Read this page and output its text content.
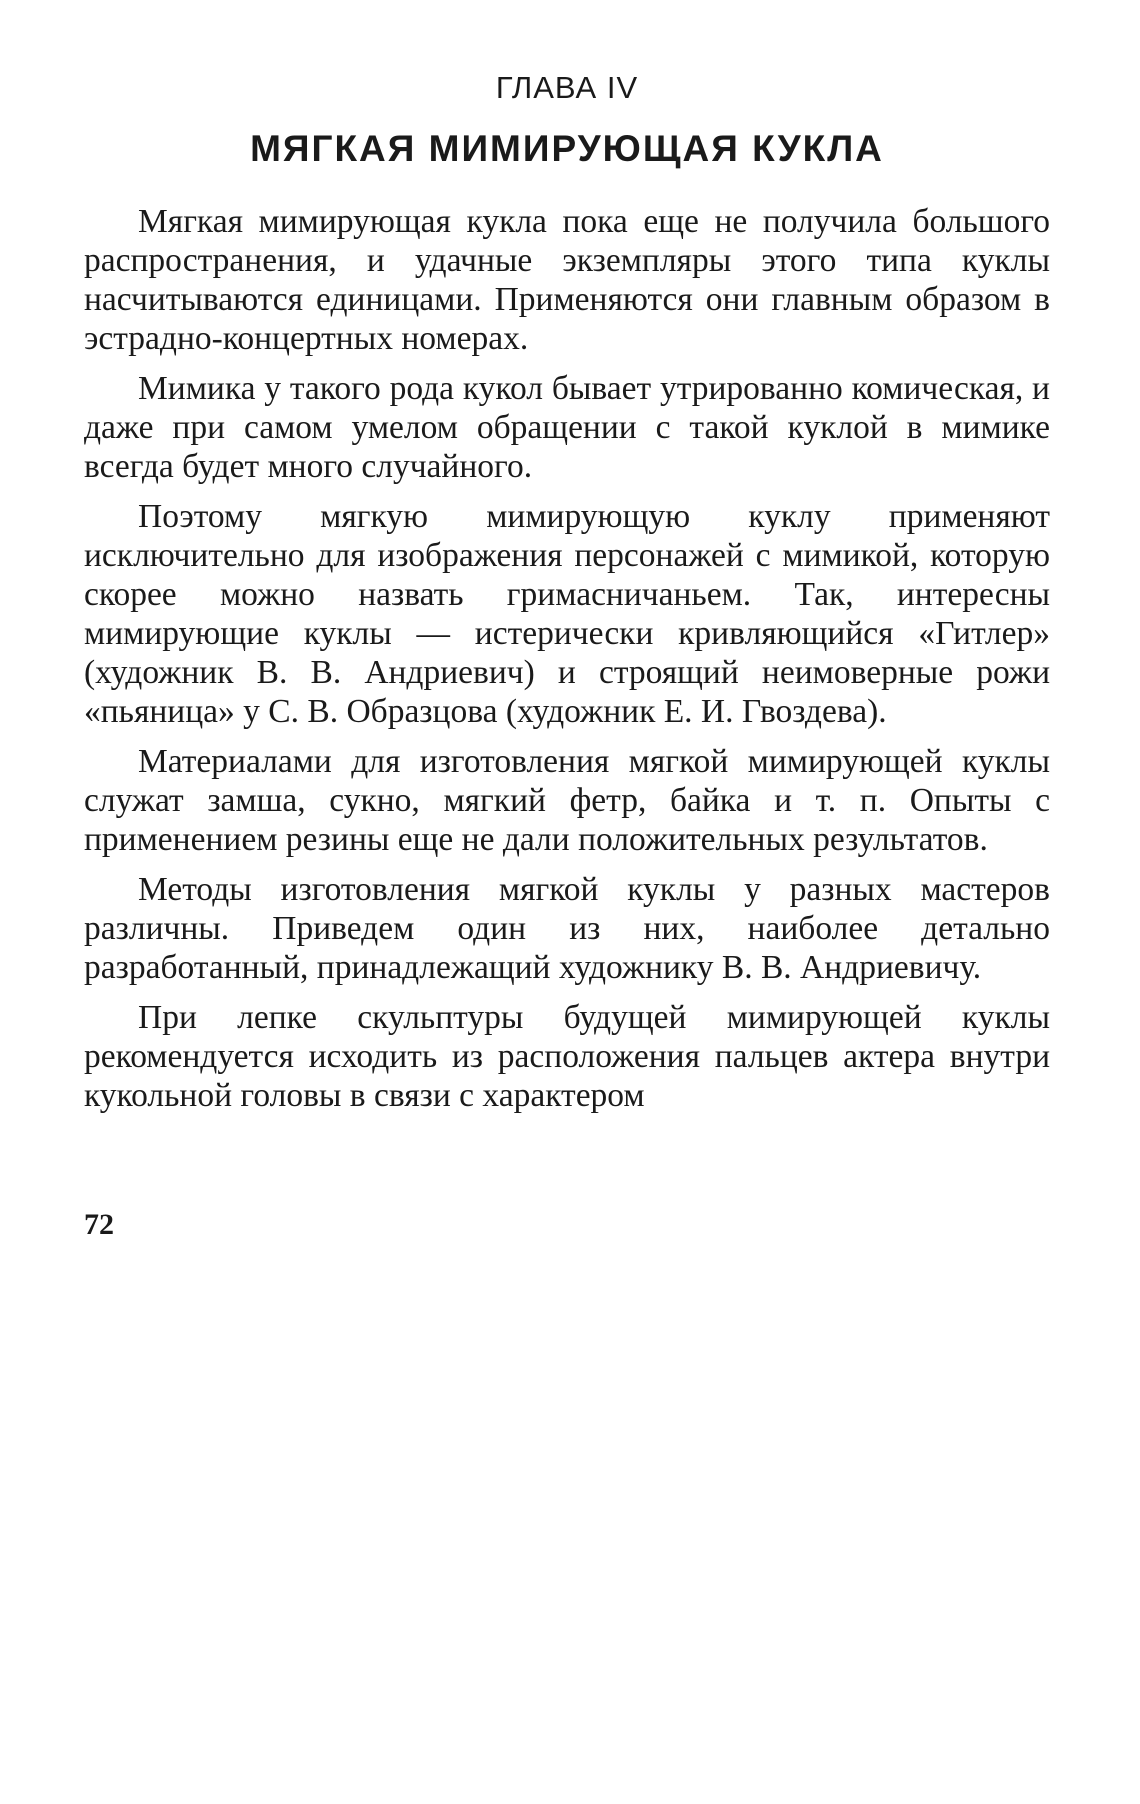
ГЛАВА IV
МЯГКАЯ МИМИРУЮЩАЯ КУКЛА

Мягкая мимирующая кукла пока еще не получила большого распространения, и удачные экземпляры этого типа куклы насчитываются единицами. Применяются они главным образом в эстрадно-концертных номерах.

Мимика у такого рода кукол бывает утрированно комическая, и даже при самом умелом обращении с такой куклой в мимике всегда будет много случайного.

Поэтому мягкую мимирующую куклу применяют исключительно для изображения персонажей с мимикой, которую скорее можно назвать гримасничаньем. Так, интересны мимирующие куклы — истерически кривляющийся «Гитлер» (художник В. В. Андриевич) и строящий неимоверные рожи «пьяница» у С. В. Образцова (художник Е. И. Гвоздева).

Материалами для изготовления мягкой мимирующей куклы служат замша, сукно, мягкий фетр, байка и т. п. Опыты с применением резины еще не дали положительных результатов.

Методы изготовления мягкой куклы у разных мастеров различны. Приведем один из них, наиболее детально разработанный, принадлежащий художнику В. В. Андриевичу.

При лепке скульптуры будущей мимирующей куклы рекомендуется исходить из расположения пальцев актера внутри кукольной головы в связи с характером

72
